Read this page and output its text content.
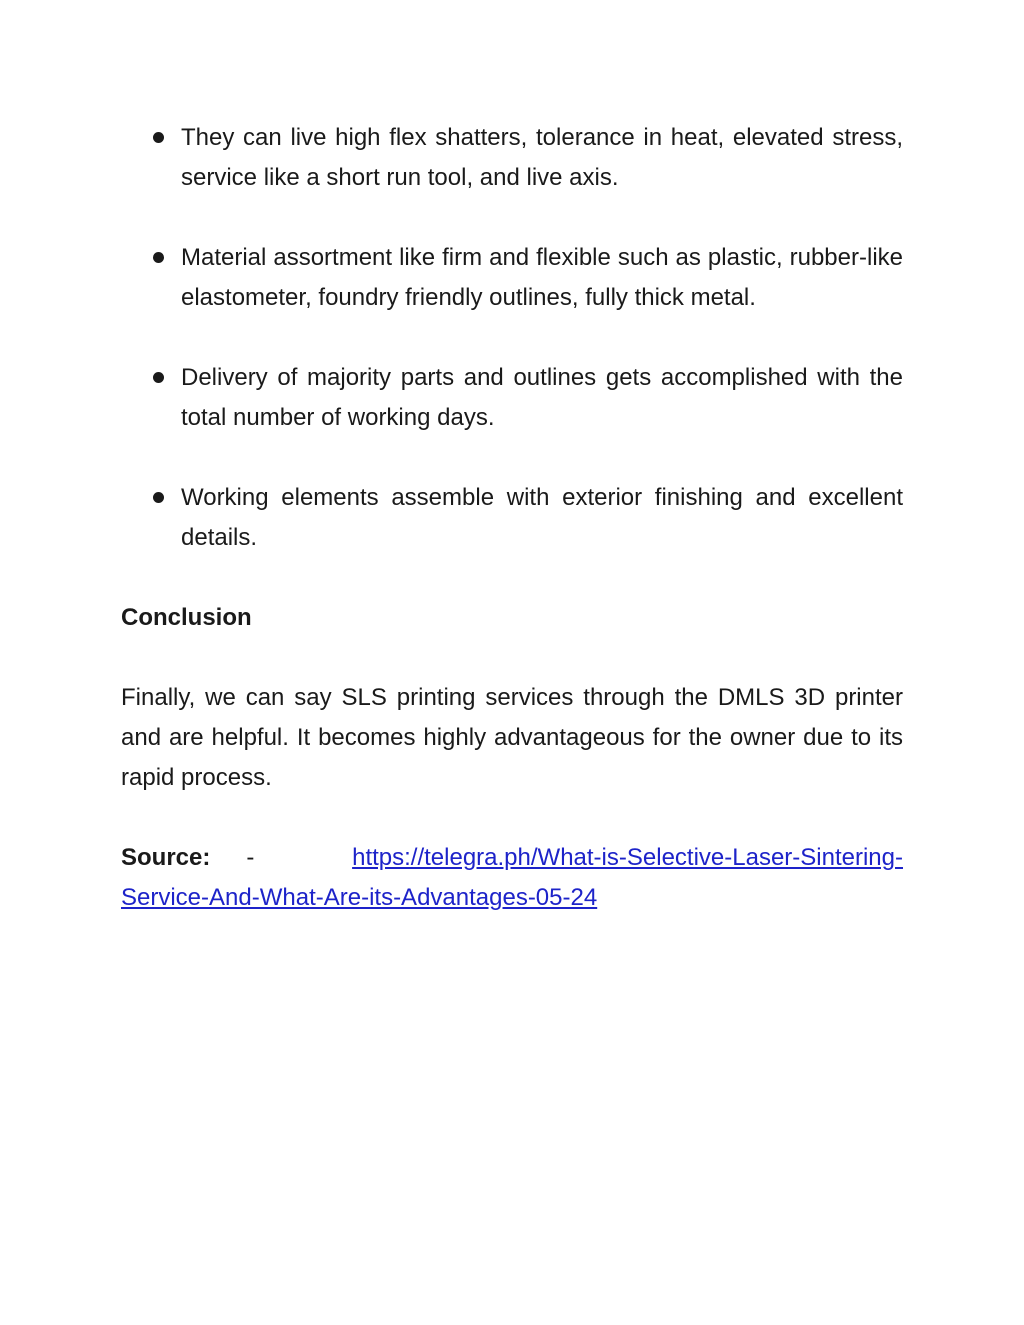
They can live high flex shatters, tolerance in heat, elevated stress, service like a short run tool, and live axis.
Material assortment like firm and flexible such as plastic, rubber-like elastometer, foundry friendly outlines, fully thick metal.
Delivery of majority parts and outlines gets accomplished with the total number of working days.
Working elements assemble with exterior finishing and excellent details.
Conclusion

Finally, we can say SLS printing services through the DMLS 3D printer and are helpful. It becomes highly advantageous for the owner due to its rapid process.

Source: -	https://telegra.ph/What-is-Selective-Laser-Sintering-
Service-And-What-Are-its-Advantages-05-24
